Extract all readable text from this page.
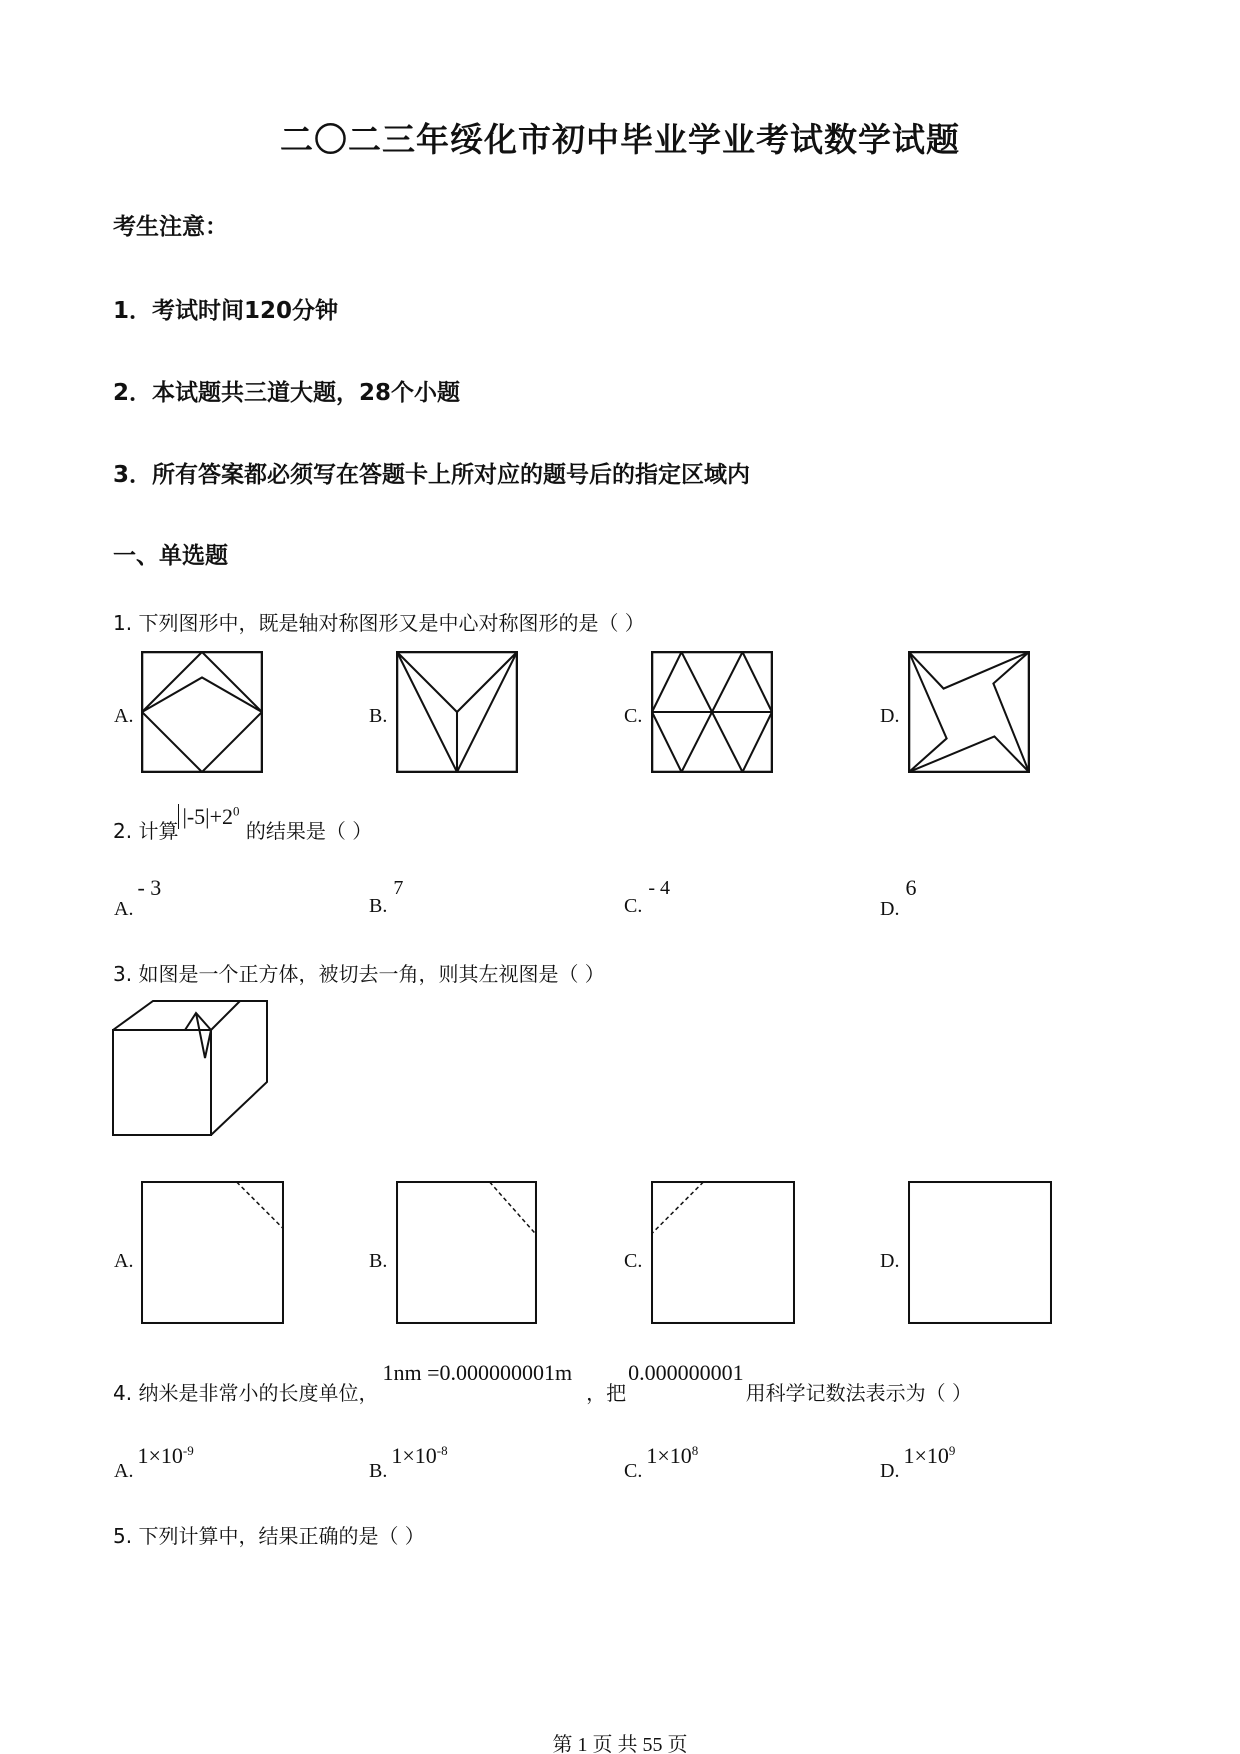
二〇二三年绥化市初中毕业学业考试数学试题
考生注意：
1．考试时间120分钟
2．本试题共三道大题，28个小题
3．所有答案都必须写在答题卡上所对应的题号后的指定区域内
一、单选题
1. 下列图形中，既是轴对称图形又是中心对称图形的是（ ）
A.	B.	C.	D.
2. 计算$|-5|+2^0$ 的结果是（ ）
A.- 3
B.7
C.- 4
D.6
3. 如图是一个正方体，被切去一角，则其左视图是（ ）
A.	B.	C.	D.
4. 纳米是非常小的长度单位，1nm =0.000000001m，把0.000000001用科学记数法表示为（ ）
$A.1\times 10^{-9}$
$B.1\times 10^{-8}$
$C.1\times 10^8$
$D.1\times 10^9$
5. 下列计算中，结果正确的是（ ）
第 1 页 共 55 页
